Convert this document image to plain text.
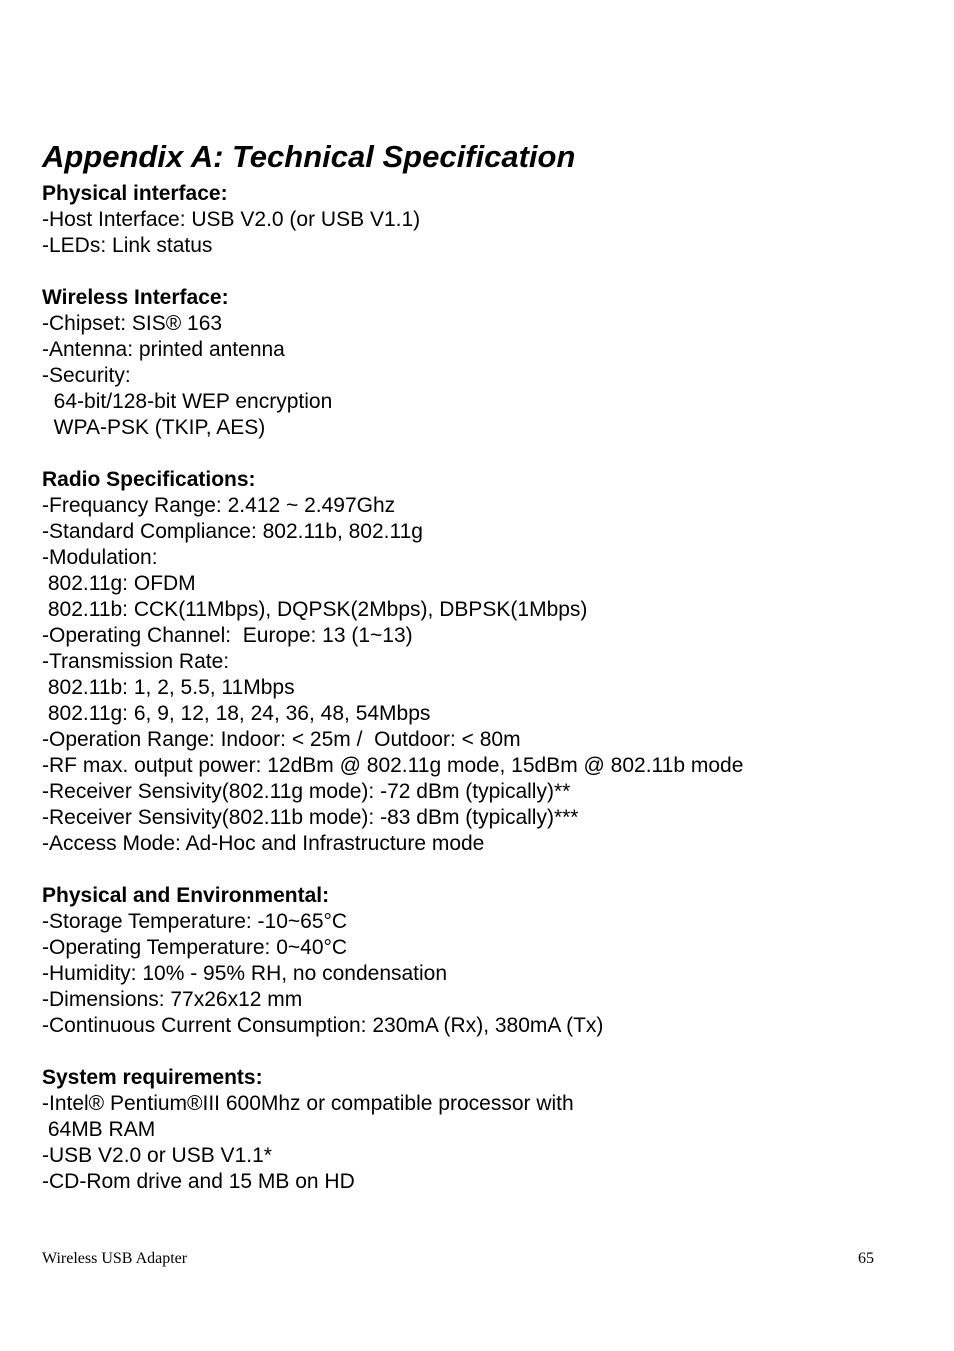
Appendix A: Technical Specification
Physical interface:
-Host Interface: USB V2.0 (or USB V1.1)
-LEDs: Link status
Wireless Interface:
-Chipset: SIS® 163
-Antenna: printed antenna
-Security:
64-bit/128-bit WEP encryption
WPA-PSK (TKIP, AES)
Radio Specifications:
-Frequancy Range: 2.412 ~ 2.497Ghz
-Standard Compliance: 802.11b, 802.11g
-Modulation:
802.11g: OFDM
802.11b: CCK(11Mbps), DQPSK(2Mbps), DBPSK(1Mbps)
-Operating Channel:  Europe: 13 (1~13)
-Transmission Rate:
802.11b: 1, 2, 5.5, 11Mbps
802.11g: 6, 9, 12, 18, 24, 36, 48, 54Mbps
-Operation Range: Indoor: < 25m /  Outdoor: < 80m
-RF max. output power: 12dBm @ 802.11g mode, 15dBm @ 802.11b mode
-Receiver Sensivity(802.11g mode): -72 dBm (typically)**
-Receiver Sensivity(802.11b mode): -83 dBm (typically)***
-Access Mode: Ad-Hoc and Infrastructure mode
Physical and Environmental:
-Storage Temperature: -10~65°C
-Operating Temperature: 0~40°C
-Humidity: 10% - 95% RH, no condensation
-Dimensions: 77x26x12 mm
-Continuous Current Consumption: 230mA (Rx), 380mA (Tx)
System requirements:
-Intel® Pentium®III 600Mhz or compatible processor with
64MB RAM
-USB V2.0 or USB V1.1*
-CD-Rom drive and 15 MB on HD
Wireless USB Adapter	65
